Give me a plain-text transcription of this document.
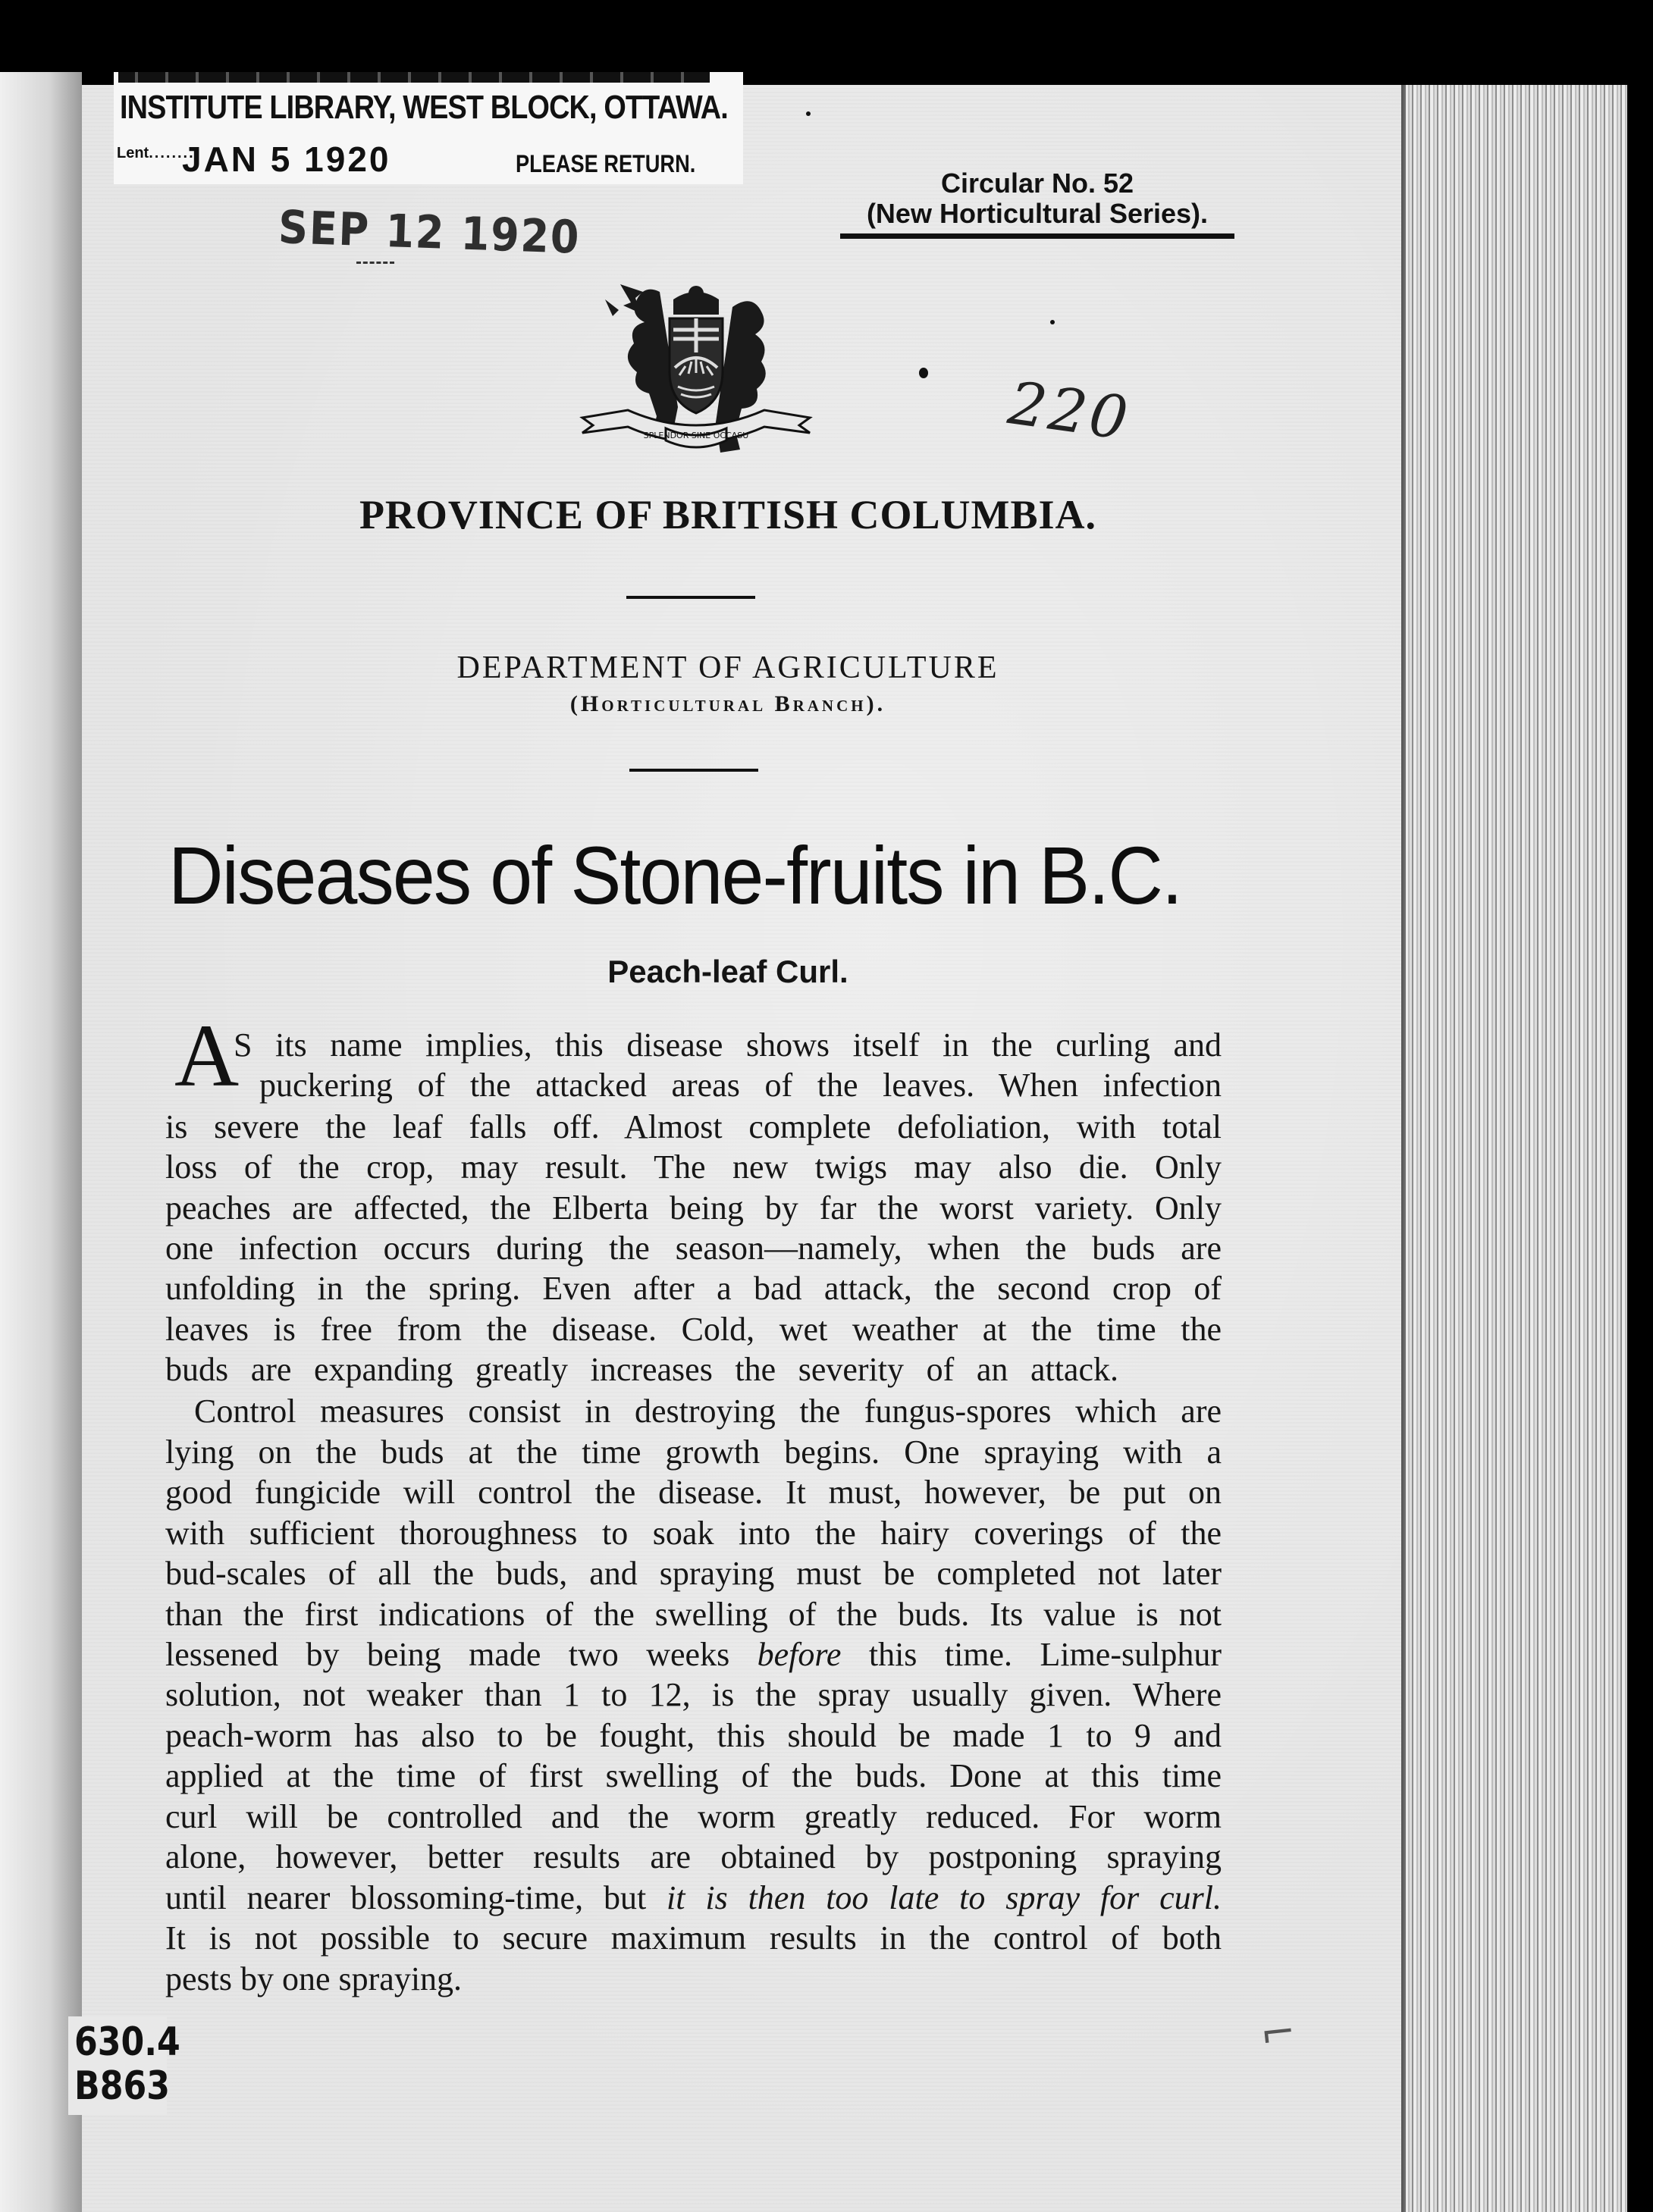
INSTITUTE LIBRARY, WEST BLOCK, OTTAWA.
Lent........
JAN 5 1920	PLEASE RETURN.
SEP 12 1920
Circular No. 52
(New Horticultural Series).
SPLENDOR SINE OCCASU	220
PROVINCE OF BRITISH COLUMBIA.
DEPARTMENT OF AGRICULTURE
(Horticultural Branch).
Diseases of Stone-fruits in B.C.
Peach-leaf Curl.
A
S its name implies, this disease shows itself in the curling and
puckering of the attacked areas of the leaves. When infection
is severe the leaf falls off. Almost complete defoliation, with total
loss of the crop, may result. The new twigs may also die. Only
peaches are affected, the Elberta being by far the worst variety. Only
one infection occurs during the season—namely, when the buds are
unfolding in the spring. Even after a bad attack, the second crop of
leaves is free from the disease. Cold, wet weather at the time the
buds are expanding greatly increases the severity of an attack.
Control measures consist in destroying the fungus-spores which are
lying on the buds at the time growth begins. One spraying with a
good fungicide will control the disease. It must, however, be put on
with sufficient thoroughness to soak into the hairy coverings of the
bud-scales of all the buds, and spraying must be completed not later
than the first indications of the swelling of the buds. Its value is not
lessened by being made two weeks before this time. Lime-sulphur
solution, not weaker than 1 to 12, is the spray usually given. Where
peach-worm has also to be fought, this should be made 1 to 9 and
applied at the time of first swelling of the buds. Done at this time
curl will be controlled and the worm greatly reduced. For worm
alone, however, better results are obtained by postponing spraying
until nearer blossoming-time, but it is then too late to spray for curl.
It is not possible to secure maximum results in the control of both
pests by one spraying.
630.4
B863
⌐
